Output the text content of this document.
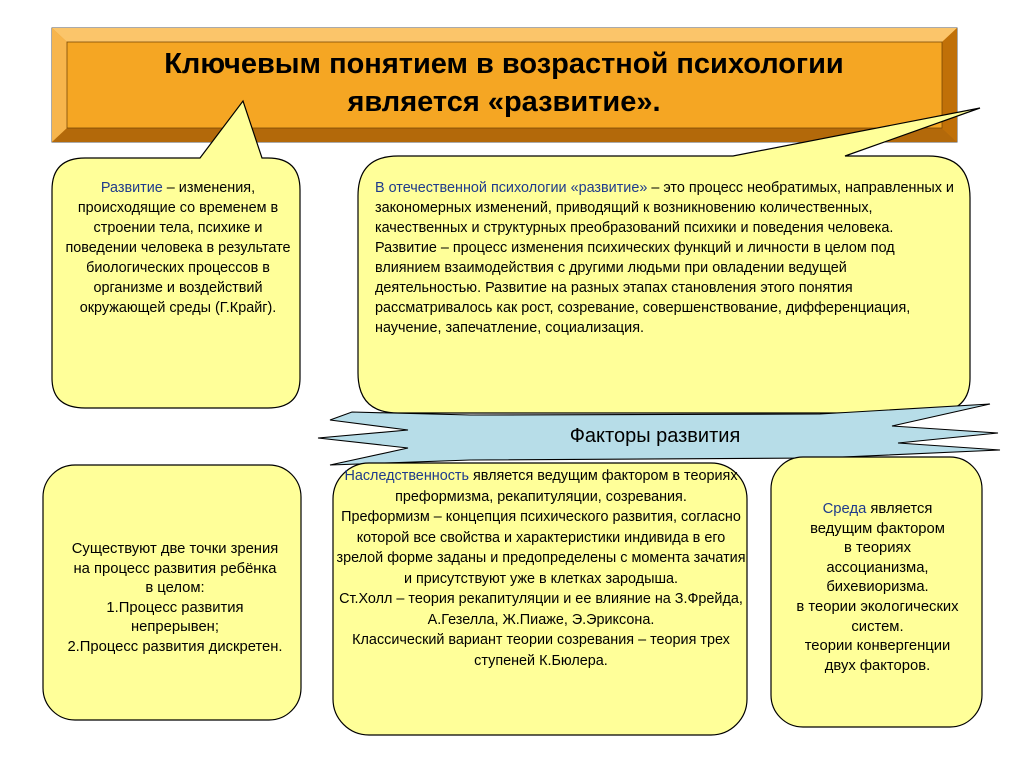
Ключевым понятием в возрастной психологии
является «развитие».
Развитие – изменения, происходящие со временем в строении тела, психике и поведении человека в результате биологических процессов в организме и воздействий окружающей среды (Г.Крайг).
В отечественной психологии «развитие» – это процесс необратимых, направленных и закономерных изменений, приводящий к возникновению количественных, качественных и структурных преобразований психики и поведения человека. Развитие – процесс изменения психических функций и личности в целом под влиянием взаимодействия с другими людьми при овладении ведущей деятельностью. Развитие на разных этапах становления этого понятия рассматривалось как рост, созревание, совершенствование, дифференциация, научение, запечатление, социализация.
Факторы развития

Существуют две точки зрения

на процесс развития ребёнка

в целом:

1.Процесс развития

непрерывен;

2.Процесс развития дискретен.

Наследственность является ведущим фактором в теориях преформизма, рекапитуляции, созревания.

Преформизм – концепция психического развития, согласно которой все свойства и характеристики индивида в его зрелой форме заданы и предопределены с момента зачатия и присутствуют уже в клетках зародыша.

Ст.Холл – теория рекапитуляции и ее влияние на З.Фрейда, А.Гезелла, Ж.Пиаже, Э.Эриксона.

Классический вариант теории созревания – теория трех ступеней К.Бюлера.

Среда является

ведущим фактором

в теориях

ассоцианизма,

бихевиоризма.

в теории экологических

систем.

теории конвергенции

двух факторов.
